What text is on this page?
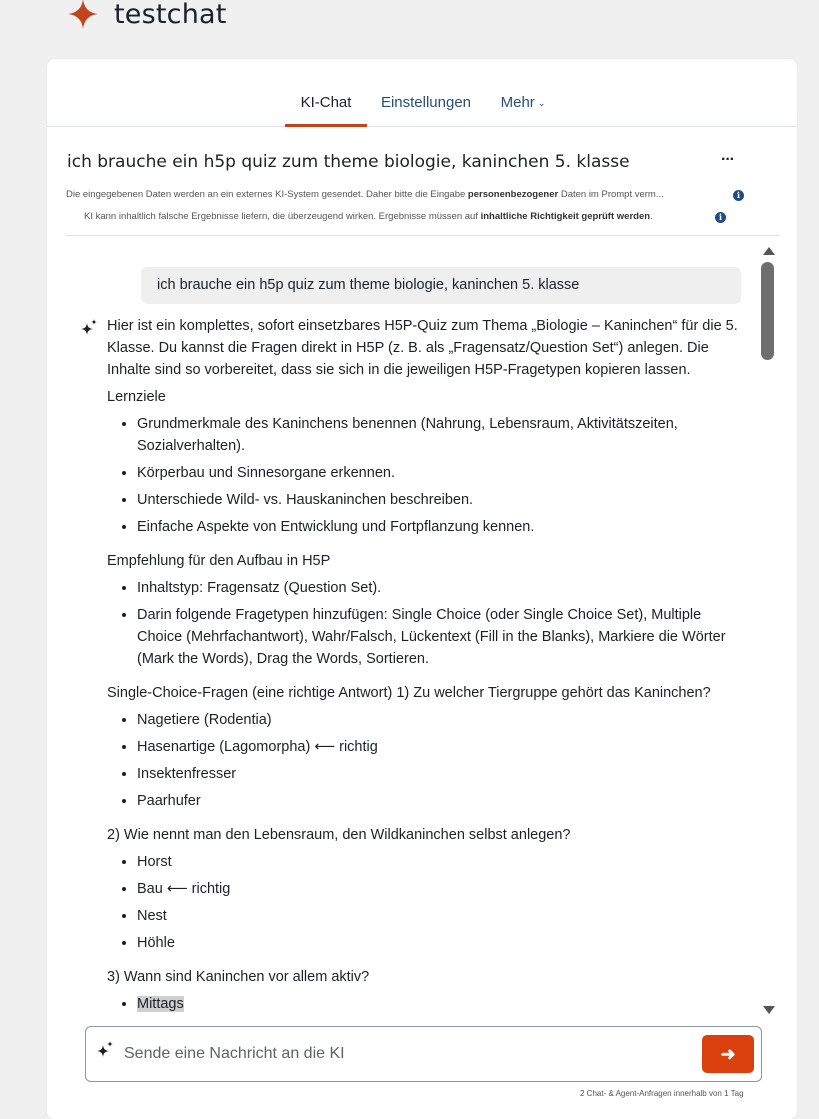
testchat
KI-Chat	Einstellungen	Mehr ⌄
ich brauche ein h5p quiz zum theme biologie, kaninchen 5. klasse	···
Die eingegebenen Daten werden an ein externes KI-System gesendet. Daher bitte die Eingabe personenbezogener Daten im Prompt verm...	i
KI kann inhaltlich falsche Ergebnisse liefern, die überzeugend wirken. Ergebnisse müssen auf inhaltliche Richtigkeit geprüft werden.	i
ich brauche ein h5p quiz zum theme biologie, kaninchen 5. klasse

Hier ist ein komplettes, sofort einsetzbares H5P-Quiz zum Thema „Biologie – Kaninchen“ für die 5. Klasse. Du kannst die Fragen direkt in H5P (z. B. als „Fragensatz/Question Set“) anlegen. Die Inhalte sind so vorbereitet, dass sie sich in die jeweiligen H5P-Fragetypen kopieren lassen.

Lernziele

• Grundmerkmale des Kaninchens benennen (Nahrung, Lebensraum, Aktivitätszeiten, Sozialverhalten).
• Körperbau und Sinnesorgane erkennen.
• Unterschiede Wild- vs. Hauskaninchen beschreiben.
• Einfache Aspekte von Entwicklung und Fortpflanzung kennen.

Empfehlung für den Aufbau in H5P

• Inhaltstyp: Fragensatz (Question Set).
• Darin folgende Fragetypen hinzufügen: Single Choice (oder Single Choice Set), Multiple Choice (Mehrfachantwort), Wahr/Falsch, Lückentext (Fill in the Blanks), Markiere die Wörter (Mark the Words), Drag the Words, Sortieren.

Single-Choice-Fragen (eine richtige Antwort) 1) Zu welcher Tiergruppe gehört das Kaninchen?

• Nagetiere (Rodentia)
• Hasenartige (Lagomorpha) ⟵ richtig
• Insektenfresser
• Paarhufer

2) Wie nennt man den Lebensraum, den Wildkaninchen selbst anlegen?

• Horst
• Bau ⟵ richtig
• Nest
• Höhle

3) Wann sind Kaninchen vor allem aktiv?

• Mittags
Sende eine Nachricht an die KI
➜
2 Chat- & Agent-Anfragen innerhalb von 1 Tag
